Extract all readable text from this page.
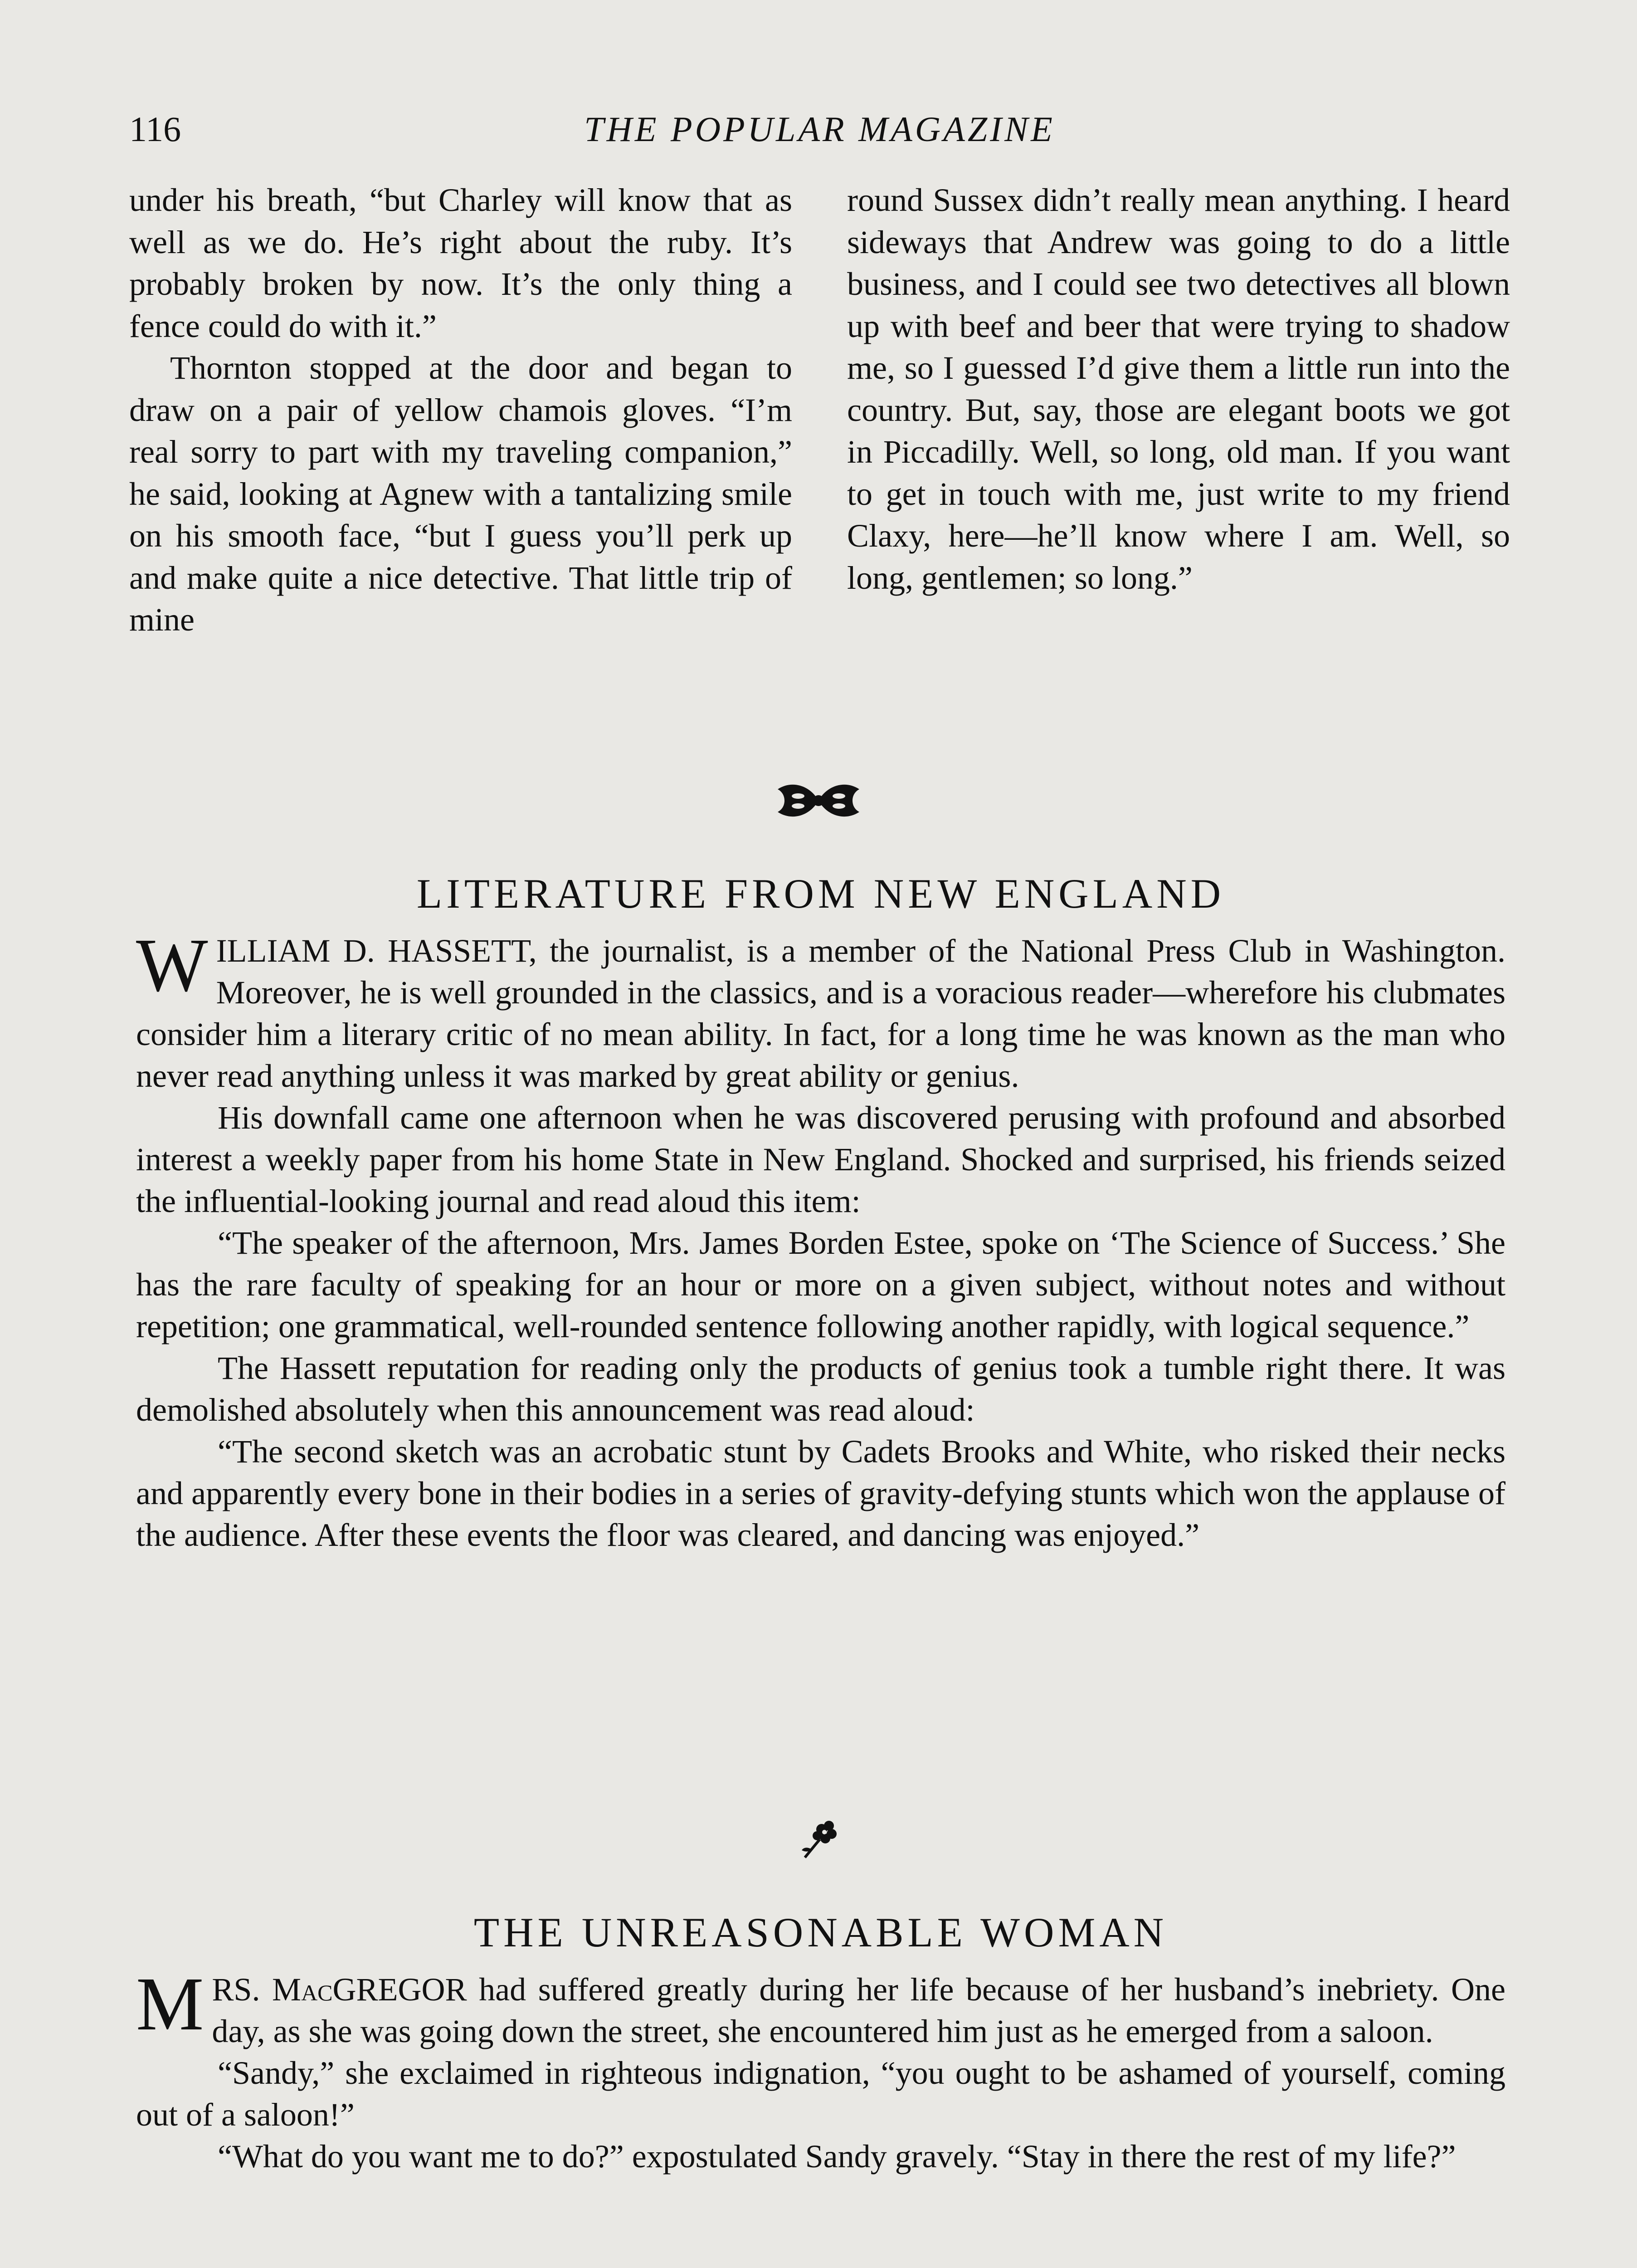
116	THE POPULAR MAGAZINE

under his breath, “but Charley will know that as well as we do. He’s right about the ruby. It’s probably broken by now. It’s the only thing a fence could do with it.”

Thornton stopped at the door and began to draw on a pair of yellow chamois gloves. “I’m real sorry to part with my traveling companion,” he said, looking at Agnew with a tantalizing smile on his smooth face, “but I guess you’ll perk up and make quite a nice detective. That little trip of mine

round Sussex didn’t really mean anything. I heard sideways that Andrew was going to do a little business, and I could see two detectives all blown up with beef and beer that were trying to shadow me, so I guessed I’d give them a little run into the country. But, say, those are elegant boots we got in Piccadilly. Well, so long, old man. If you want to get in touch with me, just write to my friend Claxy, here—he’ll know where I am. Well, so long, gentlemen; so long.”

LITERATURE FROM NEW ENGLAND

WILLIAM D. HASSETT, the journalist, is a member of the National Press Club in Washington. Moreover, he is well grounded in the classics, and is a voracious reader—wherefore his clubmates consider him a literary critic of no mean ability. In fact, for a long time he was known as the man who never read anything unless it was marked by great ability or genius.

His downfall came one afternoon when he was discovered perusing with profound and absorbed interest a weekly paper from his home State in New England. Shocked and surprised, his friends seized the influential-looking journal and read aloud this item:

“The speaker of the afternoon, Mrs. James Borden Estee, spoke on ‘The Science of Success.’ She has the rare faculty of speaking for an hour or more on a given subject, without notes and without repetition; one grammatical, well-rounded sentence following another rapidly, with logical sequence.”

The Hassett reputation for reading only the products of genius took a tumble right there. It was demolished absolutely when this announcement was read aloud:

“The second sketch was an acrobatic stunt by Cadets Brooks and White, who risked their necks and apparently every bone in their bodies in a series of gravity-defying stunts which won the applause of the audience. After these events the floor was cleared, and dancing was enjoyed.”

THE UNREASONABLE WOMAN

MRS. MacGREGOR had suffered greatly during her life because of her husband’s inebriety. One day, as she was going down the street, she encountered him just as he emerged from a saloon.

“Sandy,” she exclaimed in righteous indignation, “you ought to be ashamed of yourself, coming out of a saloon!”

“What do you want me to do?” expostulated Sandy gravely. “Stay in there the rest of my life?”
